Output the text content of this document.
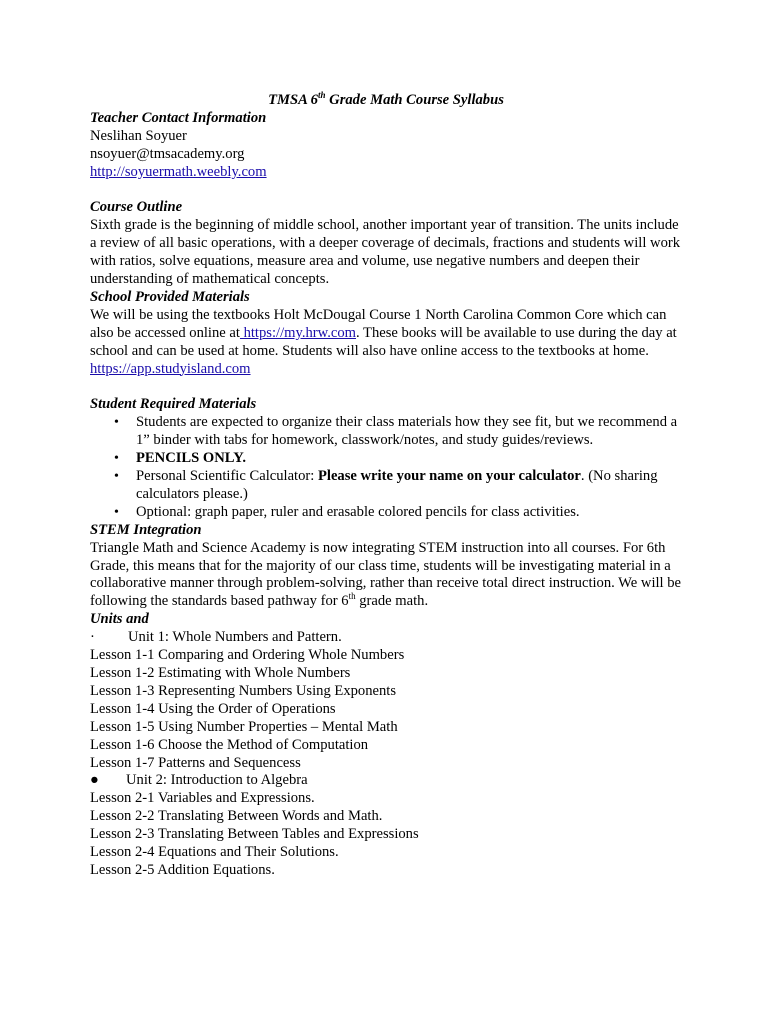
TMSA 6th Grade Math Course Syllabus

Teacher Contact Information

Neslihan Soyuer

nsoyuer@tmsacademy.org

http://soyuermath.weebly.com

Course Outline

Sixth grade is the beginning of middle school, another important year of transition. The units include a review of all basic operations, with a deeper coverage of decimals, fractions and students will work with ratios, solve equations, measure area and volume, use negative numbers and deepen their understanding of mathematical concepts.

School Provided Materials

We will be using the textbooks Holt McDougal Course 1 North Carolina Common Core which can also be accessed online at https://my.hrw.com. These books will be available to use during the day at school and can be used at home. Students will also have online access to the textbooks at home.

https://app.studyisland.com

Student Required Materials

• Students are expected to organize their class materials how they see fit, but we recommend a 1” binder with tabs for homework, classwork/notes, and study guides/reviews.
• PENCILS ONLY.
• Personal Scientific Calculator: Please write your name on your calculator. (No sharing calculators please.)
• Optional: graph paper, ruler and erasable colored pencils for class activities.

STEM Integration

Triangle Math and Science Academy is now integrating STEM instruction into all courses. For 6th Grade, this means that for the majority of our class time, students will be investigating material in a collaborative manner through problem-solving, rather than receive total direct instruction. We will be following the standards based pathway for 6th grade math.

Units and

· Unit 1: Whole Numbers and Pattern.

Lesson 1-1 Comparing and Ordering Whole Numbers

Lesson 1-2 Estimating with Whole Numbers

Lesson 1-3 Representing Numbers Using Exponents

Lesson 1-4 Using the Order of Operations

Lesson 1-5 Using Number Properties – Mental Math

Lesson 1-6 Choose the Method of Computation

Lesson 1-7 Patterns and Sequencess

● Unit 2: Introduction to Algebra

Lesson 2-1 Variables and Expressions.

Lesson 2-2 Translating Between Words and Math.

Lesson 2-3 Translating Between Tables and Expressions

Lesson 2-4 Equations and Their Solutions.

Lesson 2-5 Addition Equations.
